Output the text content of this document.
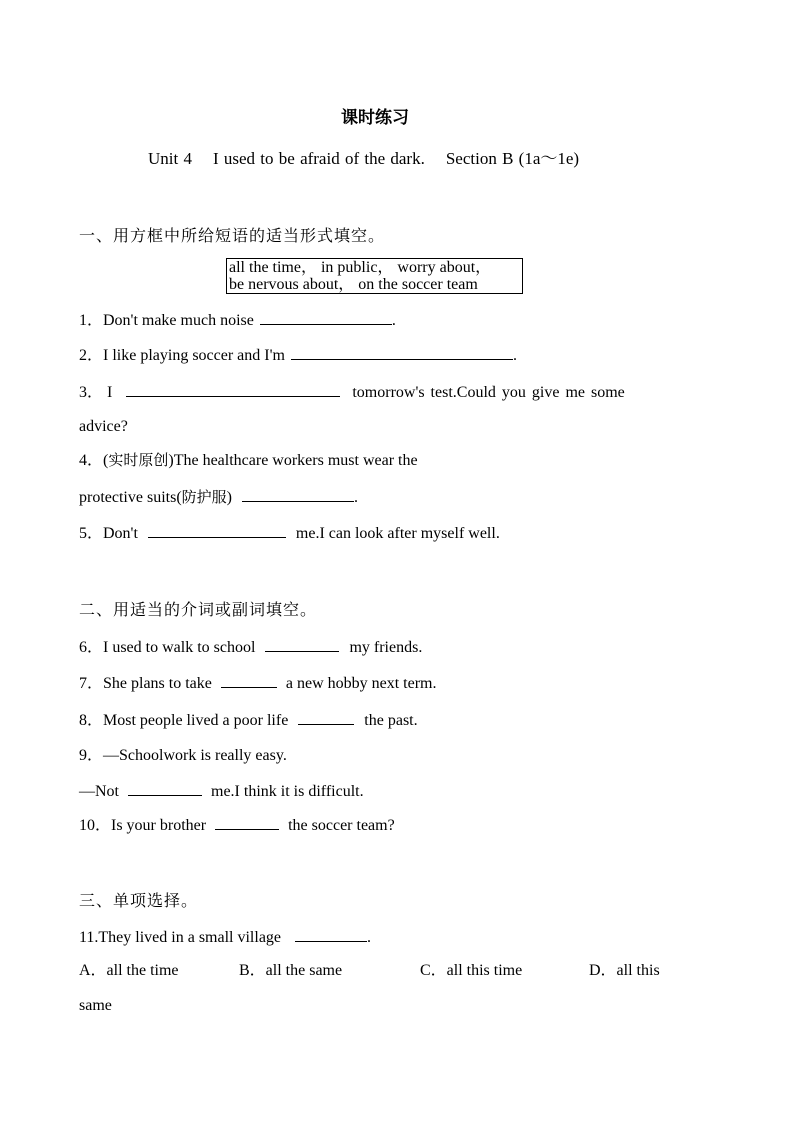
课时练习
Unit 4    I used to be afraid of the dark.    Section B (1a～1e)
一、用方框中所给短语的适当形式填空。
all the time， in public， worry about，
be nervous about， on the soccer team
1．Don't make much noise	.
2．I like playing soccer and I'm	.
3． I	tomorrow's test.Could you give me some
advice?
4．(实时原创)The healthcare workers must wear the
protective suits(防护服)	.
5．Don't	me.I can look after myself well.
二、用适当的介词或副词填空。
6．I used to walk to school	my friends.
7．She plans to take	a new hobby next term.
8．Most people lived a poor life	the past.
9．—Schoolwork is really easy.
—Not	me.I think it is difficult.
10．Is your brother	the soccer team?
三、单项选择。
11.They lived in a small village	.
A．all the time	B．all the same	C．all this time	D．all this
same
